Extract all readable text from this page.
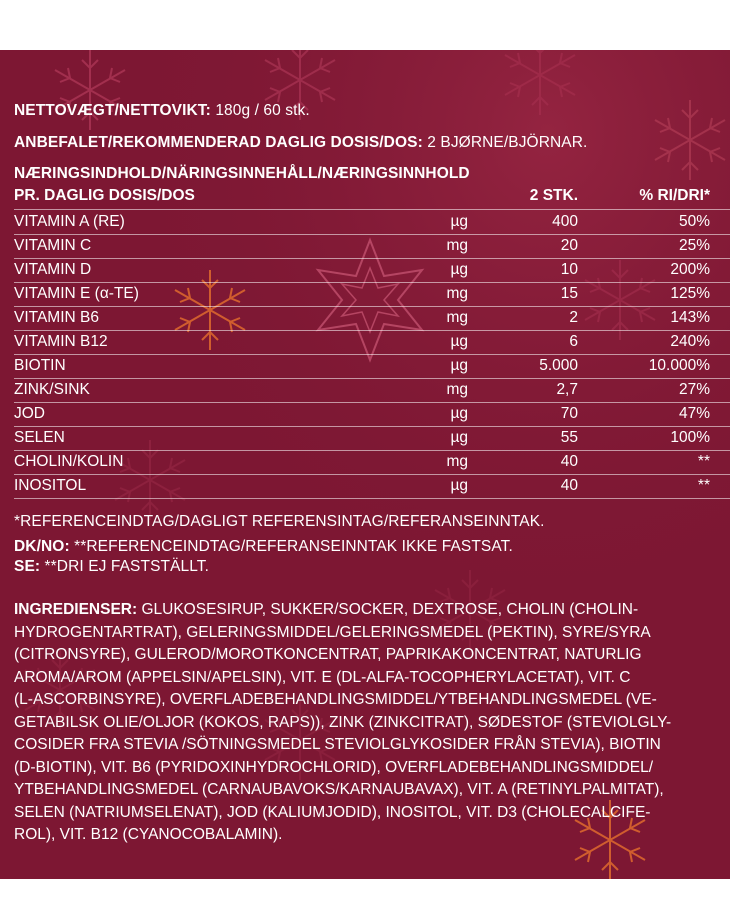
NETTOVÆGT/NETTOVIKT: 180g / 60 stk.
ANBEFALET/REKOMMENDERAD DAGLIG DOSIS/DOS: 2 BJØRNE/BJÖRNAR.
NÆRINGSINDHOLD/NÄRINGSINNEHÅLL/NÆRINGSINNHOLD
PR. DAGLIG DOSIS/DOS	2 STK.	% RI/DRI*
VITAMIN A (RE)	µg	400	50%
VITAMIN C	mg	20	25%
VITAMIN D	µg	10	200%
VITAMIN E (α-TE)	mg	15	125%
VITAMIN B6	mg	2	143%
VITAMIN B12	µg	6	240%
BIOTIN	µg	5.000	10.000%
ZINK/SINK	mg	2,7	27%
JOD	µg	70	47%
SELEN	µg	55	100%
CHOLIN/KOLIN	mg	40	**
INOSITOL	µg	40	**
*REFERENCEINDTAG/DAGLIGT REFERENSINTAG/REFERANSEINNTAK.
DK/NO: **REFERENCEINDTAG/REFERANSEINNTAK IKKE FASTSAT.
SE: **DRI EJ FASTSTÄLLT.
INGREDIENSER: GLUKOSESIRUP, SUKKER/SOCKER, DEXTROSE, CHOLIN (CHOLIN-
HYDROGENTARTRAT), GELERINGSMIDDEL/GELERINGSMEDEL (PEKTIN), SYRE/SYRA
(CITRONSYRE), GULEROD/MOROTKONCENTRAT, PAPRIKAKONCENTRAT, NATURLIG
AROMA/AROM (APPELSIN/APELSIN), VIT. E (DL-ALFA-TOCOPHERYLACETAT), VIT. C
(L-ASCORBINSYRE), OVERFLADEBEHANDLINGSMIDDEL/YTBEHANDLINGSMEDEL (VE-
GETABILSK OLIE/OLJOR (KOKOS, RAPS)), ZINK (ZINKCITRAT), SØDESTOF (STEVIOLGLY-
COSIDER FRA STEVIA /SÖTNINGSMEDEL STEVIOLGLYKOSIDER FRÅN STEVIA), BIOTIN
(D-BIOTIN), VIT. B6 (PYRIDOXINHYDROCHLORID), OVERFLADEBEHANDLINGSMIDDEL/
YTBEHANDLINGSMEDEL (CARNAUBAVOKS/KARNAUBAVAX), VIT. A (RETINYLPALMITAT),
SELEN (NATRIUMSELENAT), JOD (KALIUMJODID), INOSITOL, VIT. D3 (CHOLECALCIFE-
ROL), VIT. B12 (CYANOCOBALAMIN).
